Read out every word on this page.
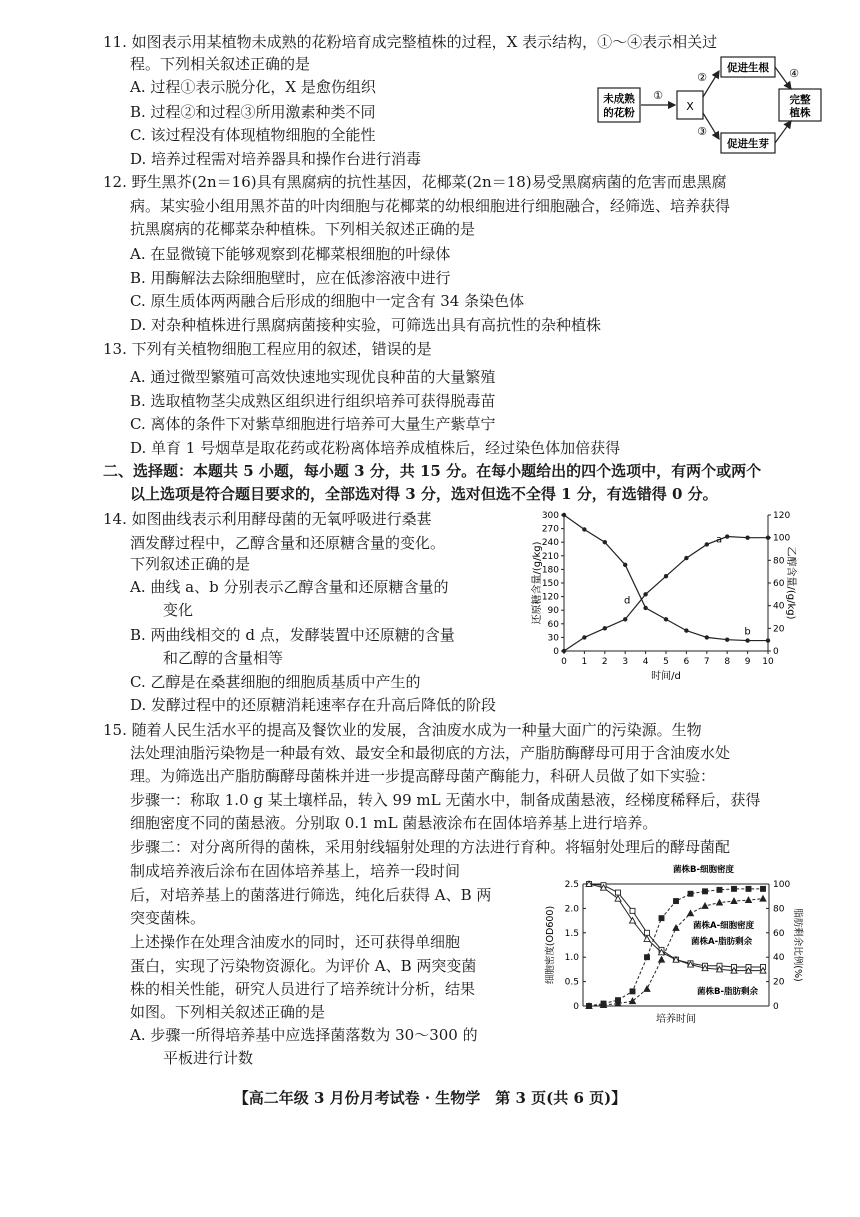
11. 如图表示用某植物未成熟的花粉培育成完整植株的过程，X 表示结构，①～④表示相关过
程。下列相关叙述正确的是
A. 过程①表示脱分化，X 是愈伤组织
B. 过程②和过程③所用激素种类不同
C. 该过程没有体现植物细胞的全能性
D. 培养过程需对培养器具和操作台进行消毒
未成熟
的花粉
①
X
②
③
促进生根
促进生芽
④
完整
植株
12. 野生黑芥(2n＝16)具有黑腐病的抗性基因，花椰菜(2n＝18)易受黑腐病菌的危害而患黑腐
病。某实验小组用黑芥苗的叶肉细胞与花椰菜的幼根细胞进行细胞融合，经筛选、培养获得
抗黑腐病的花椰菜杂种植株。下列相关叙述正确的是
A. 在显微镜下能够观察到花椰菜根细胞的叶绿体
B. 用酶解法去除细胞壁时，应在低渗溶液中进行
C. 原生质体两两融合后形成的细胞中一定含有 34 条染色体
D. 对杂种植株进行黑腐病菌接种实验，可筛选出具有高抗性的杂种植株
13. 下列有关植物细胞工程应用的叙述，错误的是
A. 通过微型繁殖可高效快速地实现优良种苗的大量繁殖
B. 选取植物茎尖成熟区组织进行组织培养可获得脱毒苗
C. 离体的条件下对紫草细胞进行培养可大量生产紫草宁
D. 单育 1 号烟草是取花药或花粉离体培养成植株后，经过染色体加倍获得
二、选择题：本题共 5 小题，每小题 3 分，共 15 分。在每小题给出的四个选项中，有两个或两个
以上选项是符合题目要求的，全部选对得 3 分，选对但选不全得 1 分，有选错得 0 分。
14. 如图曲线表示利用酵母菌的无氧呼吸进行桑葚
酒发酵过程中，乙醇含量和还原糖含量的变化。
下列叙述正确的是
A. 曲线 a、b 分别表示乙醇含量和还原糖含量的
变化
B. 两曲线相交的 d 点，发酵装置中还原糖的含量
和乙醇的含量相等
C. 乙醇是在桑葚细胞的细胞质基质中产生的
D. 发酵过程中的还原糖消耗速率存在升高后降低的阶段
0
30
60
90
120
150
180
210
240
270
300
0
20
40
60
80
100
120
0 1 2 3 4 5 6 7 8 9 10
时间/d
还原糖含量/(g/kg)	乙醇含量/(g/kg)
a
b
d
15. 随着人民生活水平的提高及餐饮业的发展，含油废水成为一种量大面广的污染源。生物
法处理油脂污染物是一种最有效、最安全和最彻底的方法，产脂肪酶酵母可用于含油废水处
理。为筛选出产脂肪酶酵母菌株并进一步提高酵母菌产酶能力，科研人员做了如下实验：
步骤一：称取 1.0 g 某土壤样品，转入 99 mL 无菌水中，制备成菌悬液，经梯度稀释后，获得
细胞密度不同的菌悬液。分别取 0.1 mL 菌悬液涂布在固体培养基上进行培养。
步骤二：对分离所得的菌株，采用射线辐射处理的方法进行育种。将辐射处理后的酵母菌配
制成培养液后涂布在固体培养基上，培养一段时间
后，对培养基上的菌落进行筛选，纯化后获得 A、B 两
突变菌株。
上述操作在处理含油废水的同时，还可获得单细胞
蛋白，实现了污染物资源化。为评价 A、B 两突变菌
株的相关性能，研究人员进行了培养统计分析，结果
如图。下列相关叙述正确的是
A. 步骤一所得培养基中应选择菌落数为 30～300 的
平板进行计数
0
0.5
1.0
1.5
2.0
2.5
0
20
40
60
80
100
培养时间
细胞密度(OD600)	脂肪剩余比例(%)
菌株B-细胞密度
菌株A-细胞密度
菌株A-脂肪剩余
菌株B-脂肪剩余
【高二年级 3 月份月考试卷 · 生物学　第 3 页(共 6 页)】
